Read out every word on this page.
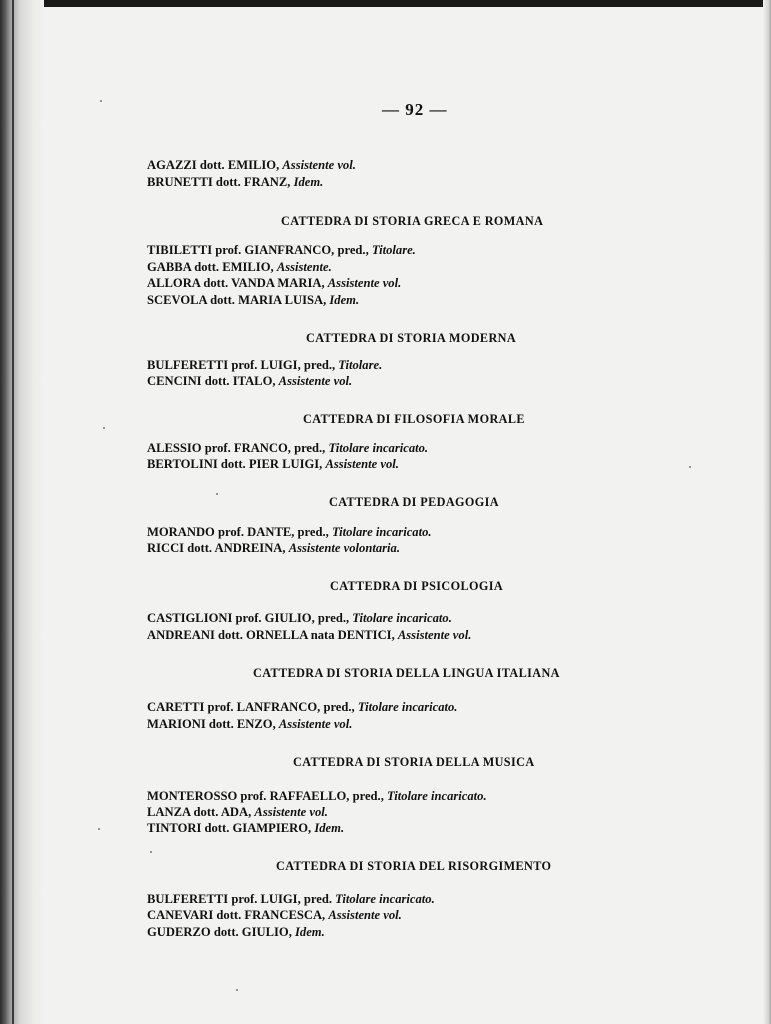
— 92 —
AGAZZI dott. EMILIO, Assistente vol.
BRUNETTI dott. FRANZ, Idem.
CATTEDRA DI STORIA GRECA E ROMANA
TIBILETTI prof. GIANFRANCO, pred., Titolare.
GABBA dott. EMILIO, Assistente.
ALLORA dott. VANDA MARIA, Assistente vol.
SCEVOLA dott. MARIA LUISA, Idem.
CATTEDRA DI STORIA MODERNA
BULFERETTI prof. LUIGI, pred., Titolare.
CENCINI dott. ITALO, Assistente vol.
CATTEDRA DI FILOSOFIA MORALE
ALESSIO prof. FRANCO, pred., Titolare incaricato.
BERTOLINI dott. PIER LUIGI, Assistente vol.
CATTEDRA DI PEDAGOGIA
MORANDO prof. DANTE, pred., Titolare incaricato.
RICCI dott. ANDREINA, Assistente volontaria.
CATTEDRA DI PSICOLOGIA
CASTIGLIONI prof. GIULIO, pred., Titolare incaricato.
ANDREANI dott. ORNELLA nata DENTICI, Assistente vol.
CATTEDRA DI STORIA DELLA LINGUA ITALIANA
CARETTI prof. LANFRANCO, pred., Titolare incaricato.
MARIONI dott. ENZO, Assistente vol.
CATTEDRA DI STORIA DELLA MUSICA
MONTEROSSO prof. RAFFAELLO, pred., Titolare incaricato.
LANZA dott. ADA, Assistente vol.
TINTORI dott. GIAMPIERO, Idem.
CATTEDRA DI STORIA DEL RISORGIMENTO
BULFERETTI prof. LUIGI, pred. Titolare incaricato.
CANEVARI dott. FRANCESCA, Assistente vol.
GUDERZO dott. GIULIO, Idem.
